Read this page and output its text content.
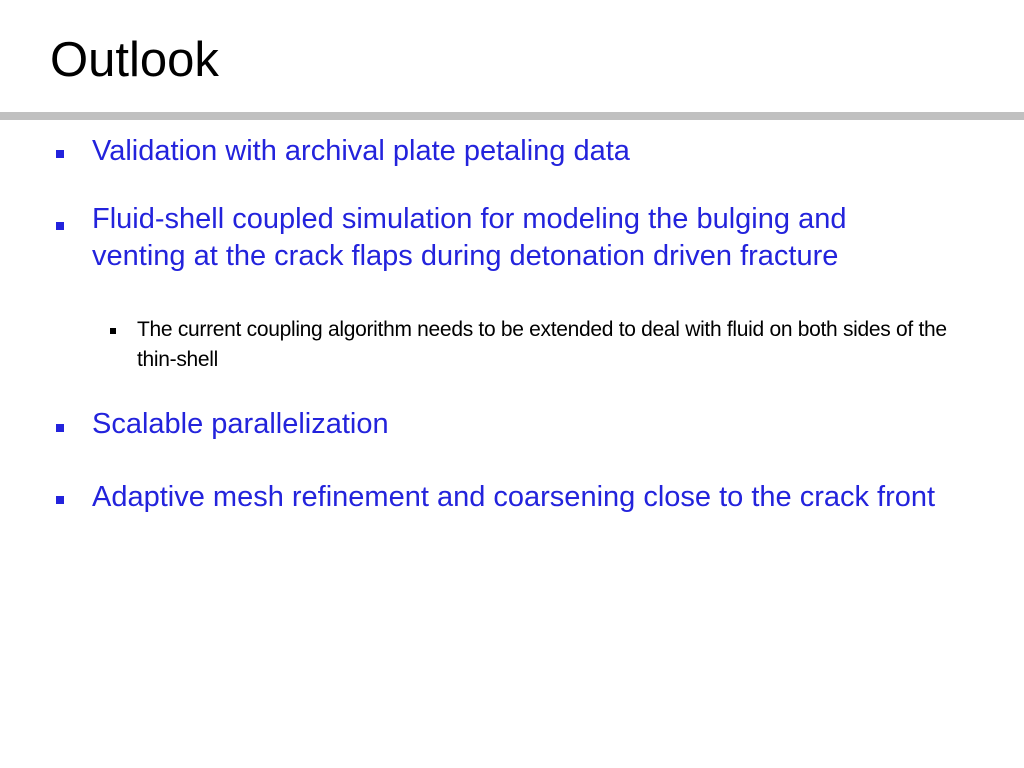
Outlook
Validation with archival plate petaling data
Fluid-shell coupled simulation for modeling the bulging and venting at the crack flaps during detonation driven fracture
The current coupling algorithm needs to be extended to deal with fluid on both sides of the thin-shell
Scalable parallelization
Adaptive mesh refinement and coarsening close to the crack front
